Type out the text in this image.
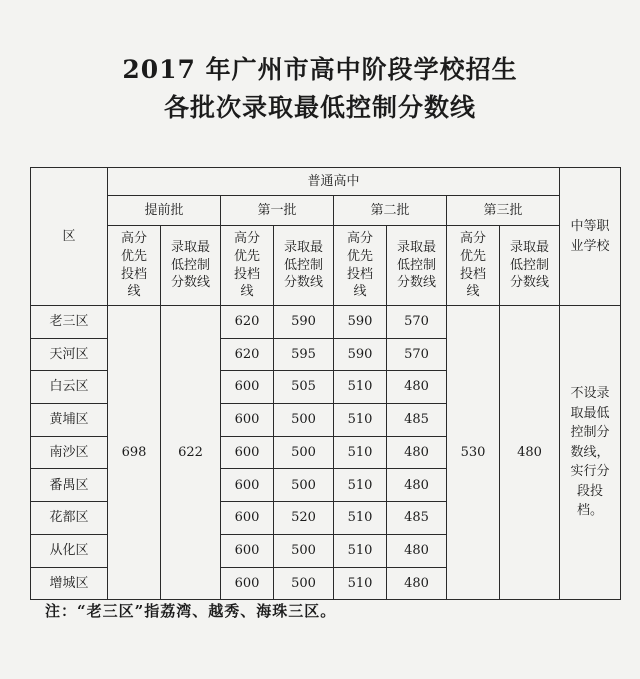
2017 年广州市高中阶段学校招生
各批次录取最低控制分数线
区	普通高中								中等职业学校
	提前批		第一批		第二批		第三批		
	高分优先投档线	录取最低控制分数线	高分优先投档线	录取最低控制分数线	高分优先投档线	录取最低控制分数线	高分优先投档线	录取最低控制分数线	
老三区	698	622	620	590	590	570	530	480	不设录取最低控制分数线，实行分段投档。
天河区			620	595	590	570			
白云区			600	505	510	480			
黄埔区			600	500	510	485			
南沙区			600	500	510	480			
番禺区			600	500	510	480			
花都区			600	520	510	485			
从化区			600	500	510	480			
增城区			600	500	510	480			
注：“老三区”指荔湾、越秀、海珠三区。
